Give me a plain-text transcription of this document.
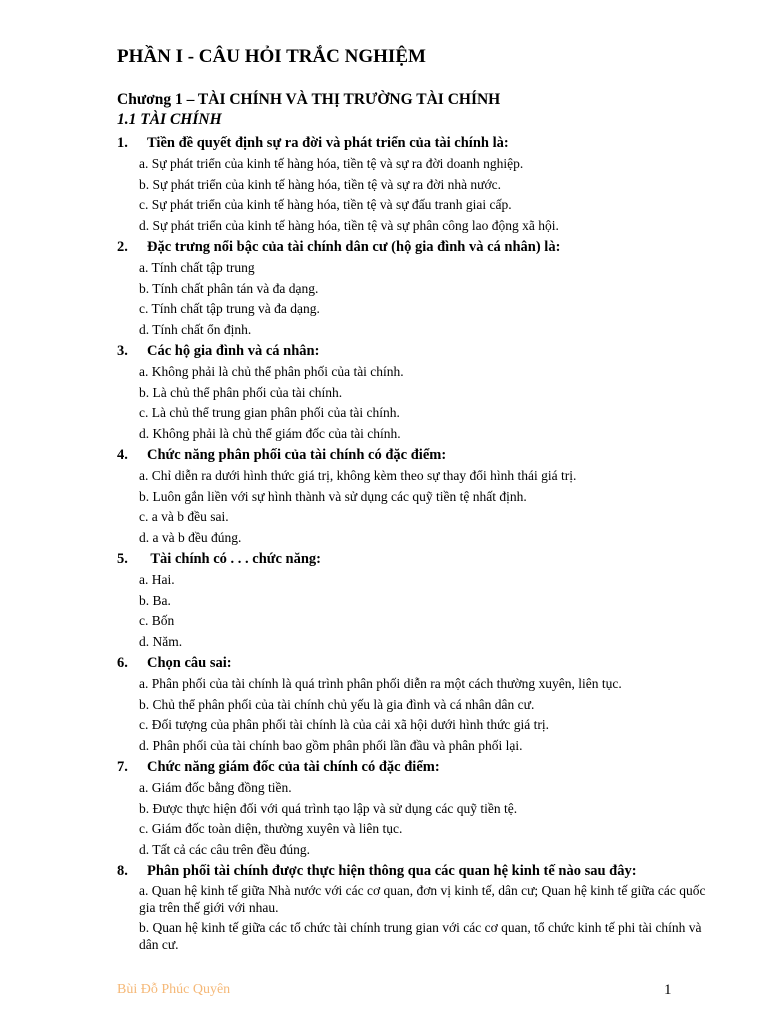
PHẦN I - CÂU HỎI TRẮC NGHIỆM
Chương 1 – TÀI CHÍNH VÀ THỊ TRƯỜNG TÀI CHÍNH
1.1 TÀI CHÍNH
1. Tiền đề quyết định sự ra đời và phát triển của tài chính là:
a. Sự phát triển của kinh tế hàng hóa, tiền tệ và sự ra đời doanh nghiệp.
b. Sự phát triển của kinh tế hàng hóa, tiền tệ và sự ra đời nhà nước.
c. Sự phát triển của kinh tế hàng hóa, tiền tệ và sự đấu tranh giai cấp.
d. Sự phát triển của kinh tế hàng hóa, tiền tệ và sự phân công lao động xã hội.
2. Đặc trưng nổi bậc của tài chính dân cư (hộ gia đình và cá nhân) là:
a. Tính chất tập trung
b. Tính chất phân tán và đa dạng.
c. Tính chất tập trung và đa dạng.
d. Tính chất ổn định.
3. Các hộ gia đình và cá nhân:
a. Không phải là chủ thể phân phối của tài chính.
b. Là chủ thể phân phối của tài chính.
c. Là chủ thể trung gian phân phối của tài chính.
d. Không phải là chủ thể giám đốc của tài chính.
4. Chức năng phân phối của tài chính có đặc điểm:
a. Chỉ diễn ra dưới hình thức giá trị, không kèm theo sự thay đổi hình thái giá trị.
b. Luôn gắn liền với sự hình thành và sử dụng các quỹ tiền tệ nhất định.
c. a và b đều sai.
d. a và b đều đúng.
5. Tài chính có . . . chức năng:
a. Hai.
b. Ba.
c. Bốn
d. Năm.
6. Chọn câu sai:
a. Phân phối của tài chính là quá trình phân phối diễn ra một cách thường xuyên, liên tục.
b. Chủ thể phân phối của tài chính chủ yếu là gia đình và cá nhân dân cư.
c. Đối tượng của phân phối tài chính là của cải xã hội dưới hình thức giá trị.
d. Phân phối của tài chính bao gồm phân phối lần đầu và phân phối lại.
7. Chức năng giám đốc của tài chính có đặc điểm:
a. Giám đốc bằng đồng tiền.
b. Được thực hiện đối với quá trình tạo lập và sử dụng các quỹ tiền tệ.
c. Giám đốc toàn diện, thường xuyên và liên tục.
d. Tất cả các câu trên đều đúng.
8. Phân phối tài chính được thực hiện thông qua các quan hệ kinh tế nào sau đây:
a. Quan hệ kinh tế giữa Nhà nước với các cơ quan, đơn vị kinh tế, dân cư; Quan hệ kinh tế giữa các quốc gia trên thế giới với nhau.
b. Quan hệ kinh tế giữa các tổ chức tài chính trung gian với các cơ quan, tổ chức kinh tế phi tài chính và dân cư.
Bùi Đỗ Phúc Quyên	1
